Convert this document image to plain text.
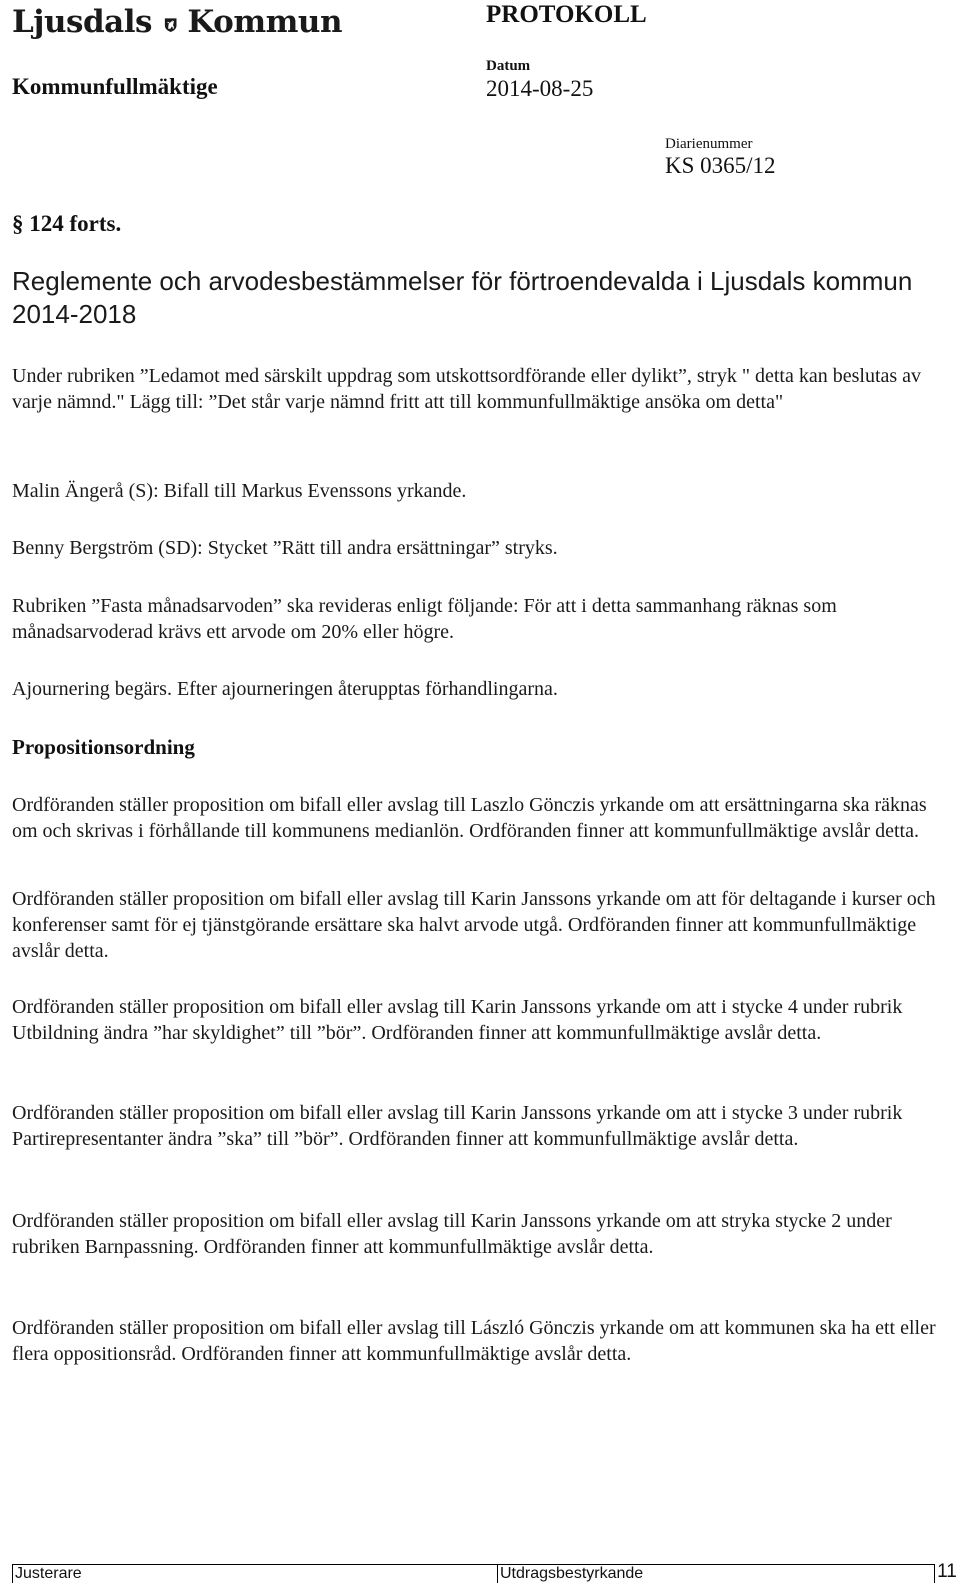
Ljusdals Kommun	PROTOKOLL
Kommunfullmäktige
Datum
2014-08-25
Diarienummer
KS 0365/12
§ 124 forts.
Reglemente och arvodesbestämmelser för förtroendevalda i Ljusdals kommun 2014-2018
Under rubriken ”Ledamot med särskilt uppdrag som utskottsordförande eller dylikt”, stryk " detta kan beslutas av varje nämnd." Lägg till: ”Det står varje nämnd fritt att till kommunfullmäktige ansöka om detta"
Malin Ängerå (S): Bifall till Markus Evenssons yrkande.
Benny Bergström (SD): Stycket ”Rätt till andra ersättningar” stryks.
Rubriken ”Fasta månadsarvoden” ska revideras enligt följande: För att i detta sammanhang räknas som månadsarvoderad krävs ett arvode om 20% eller högre.
Ajournering begärs. Efter ajourneringen återupptas förhandlingarna.
Propositionsordning
Ordföranden ställer proposition om bifall eller avslag till Laszlo Gönczis yrkande om att ersättningarna ska räknas om och skrivas i förhållande till kommunens medianlön. Ordföranden finner att kommunfullmäktige avslår detta.
Ordföranden ställer proposition om bifall eller avslag till Karin Janssons yrkande om att för deltagande i kurser och konferenser samt för ej tjänstgörande ersättare ska halvt arvode utgå. Ordföranden finner att kommunfullmäktige avslår detta.
Ordföranden ställer proposition om bifall eller avslag till Karin Janssons yrkande om att i stycke 4 under rubrik Utbildning ändra ”har skyldighet” till ”bör”. Ordföranden finner att kommunfullmäktige avslår detta.
Ordföranden ställer proposition om bifall eller avslag till Karin Janssons yrkande om att i stycke 3 under rubrik Partirepresentanter ändra ”ska” till ”bör”. Ordföranden finner att kommunfullmäktige avslår detta.
Ordföranden ställer proposition om bifall eller avslag till Karin Janssons yrkande om att stryka stycke 2 under rubriken Barnpassning. Ordföranden finner att kommunfullmäktige avslår detta.
Ordföranden ställer proposition om bifall eller avslag till László Gönczis yrkande om att kommunen ska ha ett eller flera oppositionsråd. Ordföranden finner att kommunfullmäktige avslår detta.
Justerare	Utdragsbestyrkande	11
